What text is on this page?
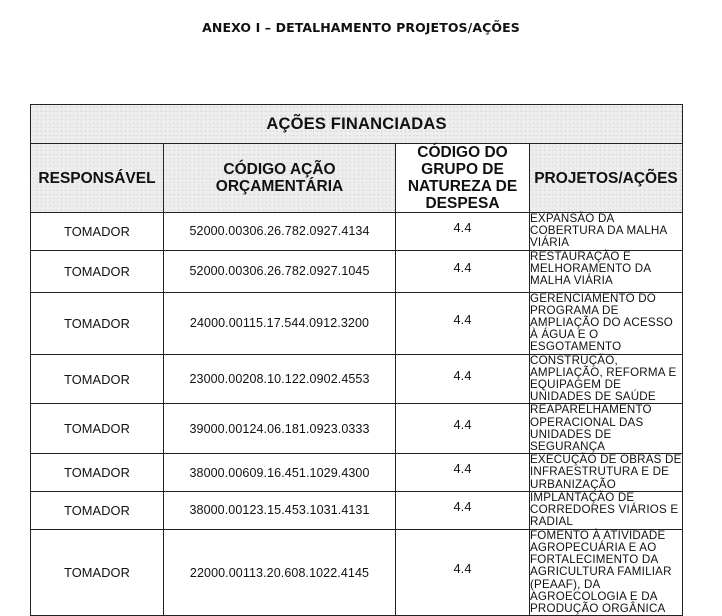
ANEXO I – DETALHAMENTO PROJETOS/AÇÕES
AÇÕES FINANCIADAS			
RESPONSÁVEL	CÓDIGO AÇÃO ORÇAMENTÁRIA	CÓDIGO DO GRUPO DE NATUREZA DE DESPESA	PROJETOS/AÇÕES
TOMADOR	52000.00306.26.782.0927.4134	4.4	EXPANSÃO DA COBERTURA DA MALHA VIÁRIA
TOMADOR	52000.00306.26.782.0927.1045	4.4	RESTAURAÇÃO E MELHORAMENTO DA MALHA VIÁRIA
TOMADOR	24000.00115.17.544.0912.3200	4.4	GERENCIAMENTO DO PROGRAMA DE AMPLIAÇÃO DO ACESSO À ÁGUA E O ESGOTAMENTO
TOMADOR	23000.00208.10.122.0902.4553	4.4	CONSTRUÇÃO, AMPLIAÇÃO, REFORMA E EQUIPAGEM DE UNIDADES DE SAÚDE
TOMADOR	39000.00124.06.181.0923.0333	4.4	REAPARELHAMENTO OPERACIONAL DAS UNIDADES DE SEGURANÇA
TOMADOR	38000.00609.16.451.1029.4300	4.4	EXECUÇÃO DE OBRAS DE INFRAESTRUTURA E DE URBANIZAÇÃO
TOMADOR	38000.00123.15.453.1031.4131	4.4	IMPLANTAÇÃO DE CORREDORES VIÁRIOS E RADIAL
TOMADOR	22000.00113.20.608.1022.4145	4.4	FOMENTO À ATIVIDADE AGROPECUÁRIA E AO FORTALECIMENTO DA AGRICULTURA FAMILIAR (PEAAF), DA AGROECOLOGIA E DA PRODUÇÃO ORGÂNICA
